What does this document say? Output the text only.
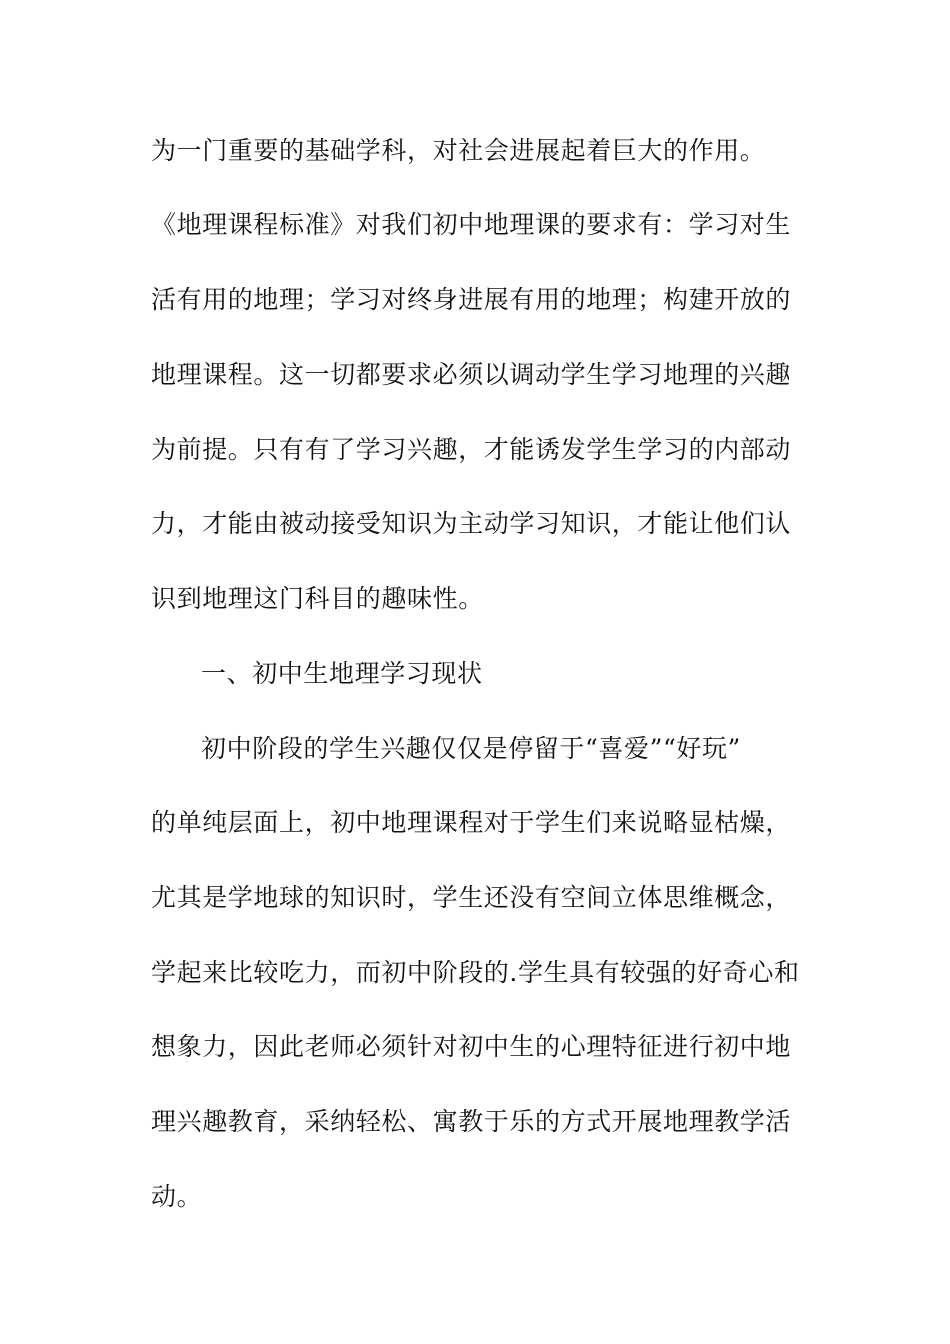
为一门重要的基础学科，对社会进展起着巨大的作用。
《地理课程标准》对我们初中地理课的要求有：学习对生
活有用的地理；学习对终身进展有用的地理；构建开放的
地理课程。这一切都要求必须以调动学生学习地理的兴趣
为前提。只有有了学习兴趣，才能诱发学生学习的内部动
力，才能由被动接受知识为主动学习知识，才能让他们认
识到地理这门科目的趣味性。
一、初中生地理学习现状
初中阶段的学生兴趣仅仅是停留于“喜爱”“好玩”
的单纯层面上，初中地理课程对于学生们来说略显枯燥，
尤其是学地球的知识时，学生还没有空间立体思维概念，
学起来比较吃力，而初中阶段的.学生具有较强的好奇心和
想象力，因此老师必须针对初中生的心理特征进行初中地
理兴趣教育，采纳轻松、寓教于乐的方式开展地理教学活
动。
